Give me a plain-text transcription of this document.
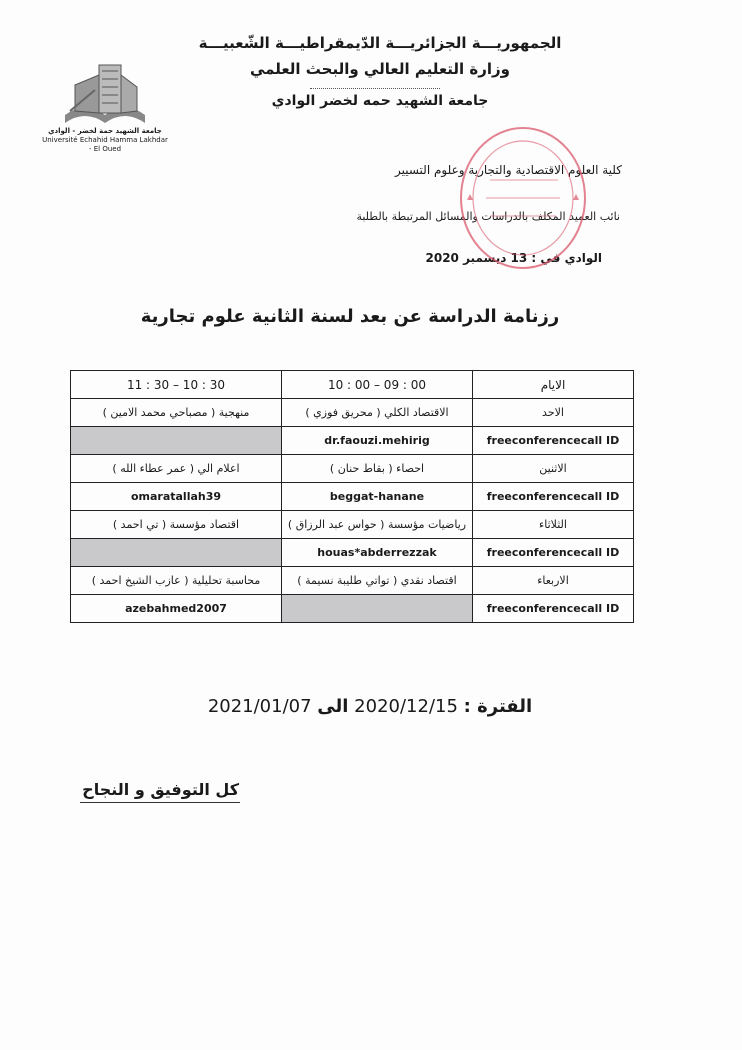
الجمهوريـــة الجزائريـــة الدّيمقراطيـــة الشّعبيـــة
وزارة التعليم العالي والبحث العلمي
جامعة الشهيد حمه لخضر الوادي
جامعة الشهيد حمة لخضر - الوادي
Université Echahid Hamma Lakhdar - El Oued
كلية العلوم الاقتصادية والتجارية وعلوم التسيير
نائب العميد المكلف بالدراسات والمسائل المرتبطة بالطلبة
الوادي في : 13 ديسمبر 2020
رزنامة الدراسة عن بعد لسنة الثانية علوم تجارية
11 : 30 – 10 : 30	10 : 00 – 09 : 00	الايام
منهجية ( مصباحي محمد الامين )	الاقتصاد الكلي ( محريق فوزي )	الاحد
	dr.faouzi.mehirig	freeconferencecall ID
اعلام الي ( عمر عطاء الله )	احصاء ( بقاط حنان )	الاثنين
omaratallah39	beggat-hanane	freeconferencecall ID
اقتصاد مؤسسة ( تي احمد )	رياضيات مؤسسة ( حواس عبد الرزاق )	الثلاثاء
	houas*abderrezzak	freeconferencecall ID
محاسبة تحليلية ( عازب الشيخ احمد )	اقتصاد نقدي ( تواتي طليبة نسيمة )	الاربعاء
azebahmed2007		freeconferencecall ID
الفترة : 2020/12/15 الى 2021/01/07
كل التوفيق و النجاح
